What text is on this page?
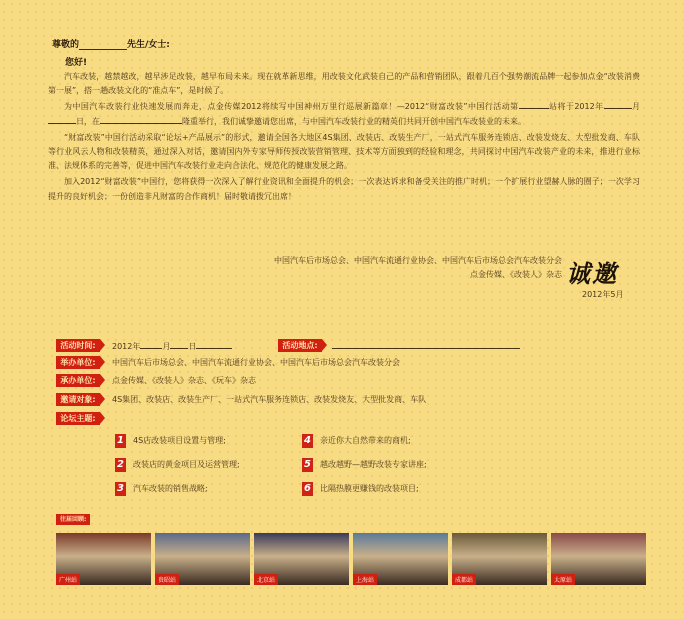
尊敬的	先生/女士:
您好!

汽车改装，越禁越改，越早涉足改装，越早布局未来。现在就革新思维，用改装文化武装自己的产品和营销团队，跟着几百个强势潮流品牌一起参加点金“改装消费第一展”，搭一趟改装文化的“准点车”，是时候了。

为中国汽车改装行业快速发展而奔走，点金传媒2012将续写中国神州万里行巡展新篇章！—2012“财富改装”中国行活动第	站将于2012年	月日，在	隆重举行，我们诚挚邀请您出席，与中国汽车改装行业的精英们共同开创中国汽车改装业的未来。

“财富改装”中国行活动采取“论坛+产品展示”的形式，邀请全国各大地区4S集团、改装店、改装生产厂，一站式汽车服务连锁店、改装发烧友、大型批发商、车队等行业风云人物和改装精英，通过深入对话，邀请国内外专家导师传授改装营销管理、技术等方面独到的经验和理念，共同探讨中国汽车改装产业的未来，推进行业标准、法规体系的完善等，促进中国汽车改装行业走向合法化、规范化的健康发展之路。

加入2012“财富改装”中国行，您将获得一次深入了解行业资讯和全面提升的机会；一次表达诉求和备受关注的推广时机；一个扩展行业望赫人脉的圈子；一次学习提升的良好机会；一份创造非凡财富的合作商机！届时敬请拨冗出席！

中国汽车后市场总会、中国汽车流通行业协会、中国汽车后市场总会汽车改装分会
点金传媒、《改装人》杂志 诚邀
2012年5月
活动时间:	2012年	月 日	活动地点:
举办单位:	中国汽车后市场总会、中国汽车流通行业协会、中国汽车后市场总会汽车改装分会
承办单位:	点金传媒、《改装人》杂志、《玩车》杂志
邀请对象:	4S集团、改装店、改装生产厂、一站式汽车服务连锁店、改装发烧友、大型批发商、车队
论坛主题:
1 4S店改装项目设置与管理;
2 改装店的黄金项目及运营管理;
3 汽车改装的销售战略;
4 亲近你大自然带来的商机;
5 越改越野—越野改装专家讲座;
6 比隔热膜更赚钱的改装项目;
往届回顾:
广州站	贵昭站	北京站	上海站	成都站	太原站
